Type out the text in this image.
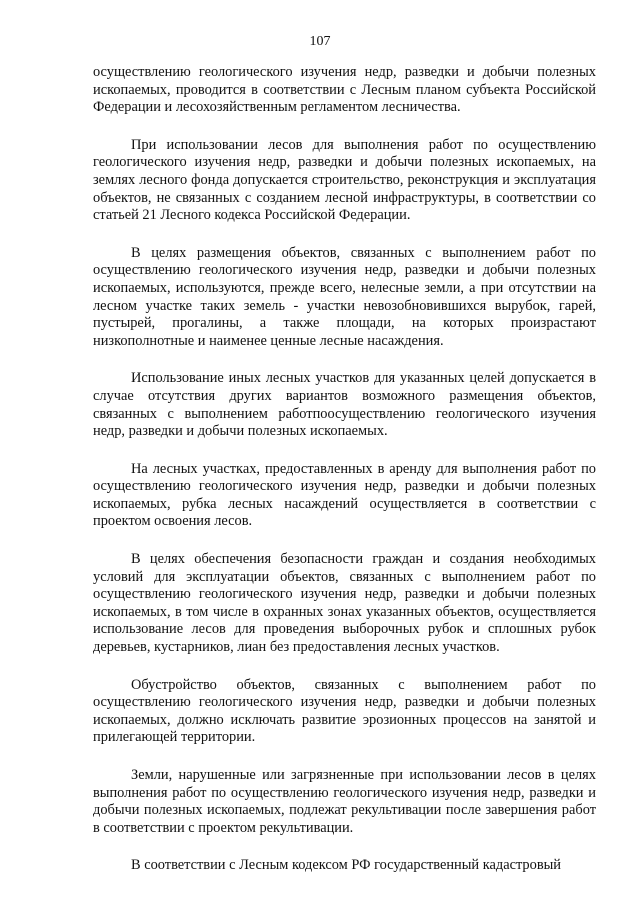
107

осуществлению геологического изучения недр, разведки и добычи полезных ископаемых, проводится в соответствии с Лесным планом субъекта Российской Федерации и лесохозяйственным регламентом лесничества.

При использовании лесов для выполнения работ по осуществлению геологического изучения недр, разведки и добычи полезных ископаемых, на землях лесного фонда допускается строительство, реконструкция и эксплуатация объектов, не связанных с созданием лесной инфраструктуры, в соответствии со статьей 21 Лесного кодекса Российской Федерации.

В целях размещения объектов, связанных с выполнением работ по осуществлению геологического изучения недр, разведки и добычи полезных ископаемых, используются, прежде всего, нелесные земли, а при отсутствии на лесном участке таких земель - участки невозобновившихся вырубок, гарей, пустырей, прогалины, а также площади, на которых произрастают низкополнотные и наименее ценные лесные насаждения.

Использование иных лесных участков для указанных целей допускается в случае отсутствия других вариантов возможного размещения объектов, связанных с выполнением работпоосуществлению геологического изучения недр, разведки и добычи полезных ископаемых.

На лесных участках, предоставленных в аренду для выполнения работ по осуществлению геологического изучения недр, разведки и добычи полезных ископаемых, рубка лесных насаждений осуществляется в соответствии с проектом освоения лесов.

В целях обеспечения безопасности граждан и создания необходимых условий для эксплуатации объектов, связанных с выполнением работ по осуществлению геологического изучения недр, разведки и добычи полезных ископаемых, в том числе в охранных зонах указанных объектов, осуществляется использование лесов для проведения выборочных рубок и сплошных рубок деревьев, кустарников, лиан без предоставления лесных участков.

Обустройство объектов, связанных с выполнением работ по осуществлению геологического изучения недр, разведки и добычи полезных ископаемых, должно исключать развитие эрозионных процессов на занятой и прилегающей территории.

Земли, нарушенные или загрязненные при использовании лесов в целях выполнения работ по осуществлению геологического изучения недр, разведки и добычи полезных ископаемых, подлежат рекультивации после завершения работ в соответствии с проектом рекультивации.

В соответствии с Лесным кодексом РФ государственный кадастровый
